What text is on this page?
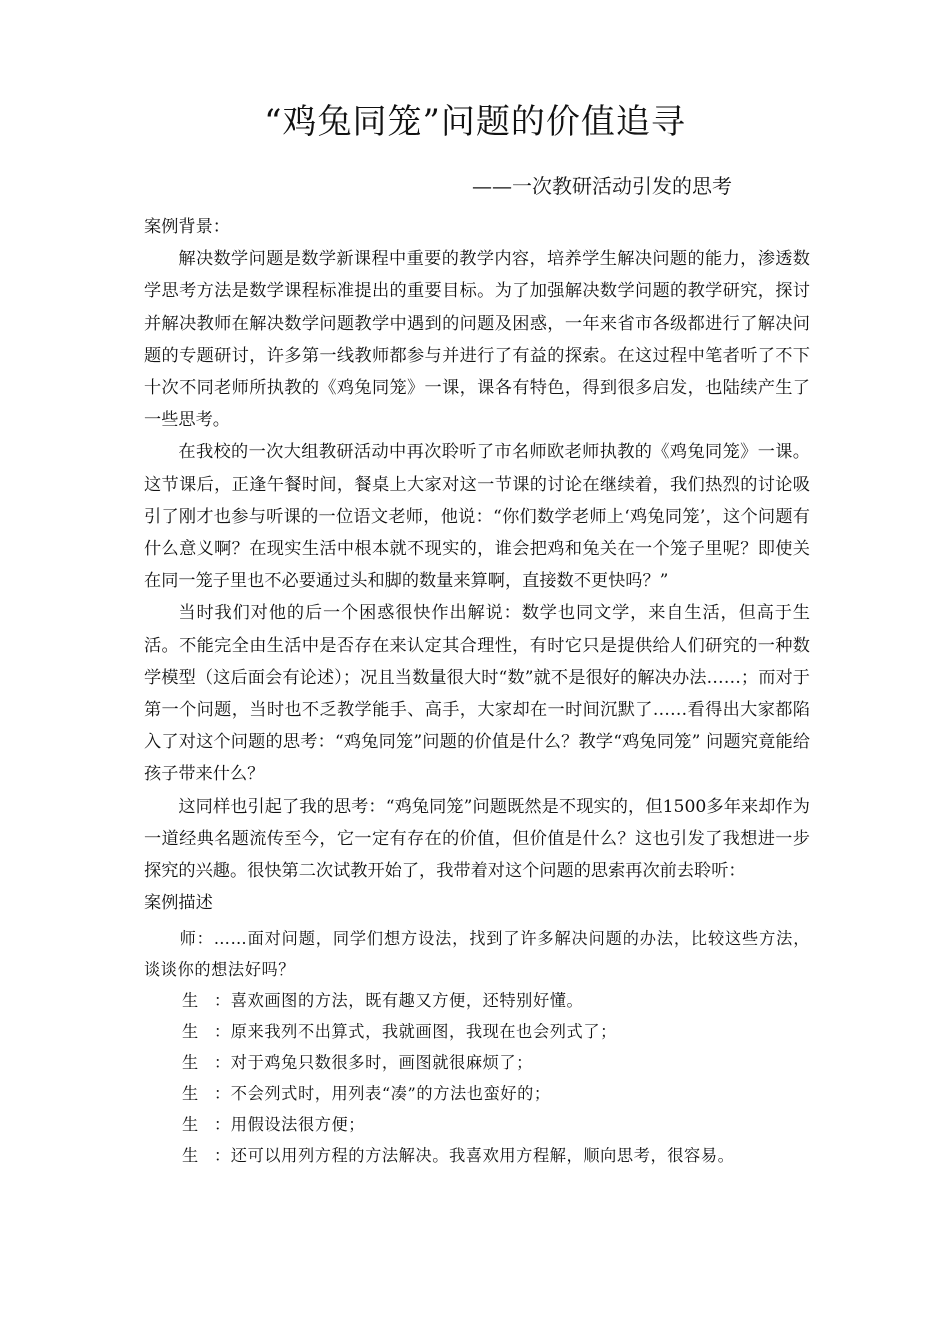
“鸡兔同笼”问题的价值追寻
——一次教研活动引发的思考

案例背景：

解决数学问题是数学新课程中重要的教学内容，培养学生解决问题的能力，渗透数学思考方法是数学课程标准提出的重要目标。为了加强解决数学问题的教学研究，探讨并解决教师在解决数学问题教学中遇到的问题及困惑，一年来省市各级都进行了解决问题的专题研讨，许多第一线教师都参与并进行了有益的探索。在这过程中笔者听了不下十次不同老师所执教的《鸡兔同笼》一课，课各有特色，得到很多启发，也陆续产生了一些思考。

在我校的一次大组教研活动中再次聆听了市名师欧老师执教的《鸡兔同笼》一课。这节课后，正逢午餐时间，餐桌上大家对这一节课的讨论在继续着，我们热烈的讨论吸引了刚才也参与听课的一位语文老师，他说：“你们数学老师上‘鸡兔同笼’，这个问题有什么意义啊？在现实生活中根本就不现实的，谁会把鸡和兔关在一个笼子里呢？即使关在同一笼子里也不必要通过头和脚的数量来算啊，直接数不更快吗？”

当时我们对他的后一个困惑很快作出解说：数学也同文学，来自生活，但高于生活。不能完全由生活中是否存在来认定其合理性，有时它只是提供给人们研究的一种数学模型（这后面会有论述）；况且当数量很大时“数”就不是很好的解决办法……；而对于第一个问题，当时也不乏教学能手、高手，大家却在一时间沉默了……看得出大家都陷入了对这个问题的思考：“鸡兔同笼”问题的价值是什么？教学“鸡兔同笼” 问题究竟能给孩子带来什么？

这同样也引起了我的思考：“鸡兔同笼”问题既然是不现实的，但1500多年来却作为一道经典名题流传至今，它一定有存在的价值，但价值是什么？这也引发了我想进一步探究的兴趣。很快第二次试教开始了，我带着对这个问题的思索再次前去聆听：

案例描述

师：……面对问题，同学们想方设法，找到了许多解决问题的办法，比较这些方法，谈谈你的想法好吗？

生 ：喜欢画图的方法，既有趣又方便，还特别好懂。

生 ：原来我列不出算式，我就画图，我现在也会列式了；

生 ：对于鸡兔只数很多时，画图就很麻烦了；

生 ：不会列式时，用列表“凑”的方法也蛮好的；

生 ：用假设法很方便；

生 ：还可以用列方程的方法解决。我喜欢用方程解，顺向思考，很容易。
